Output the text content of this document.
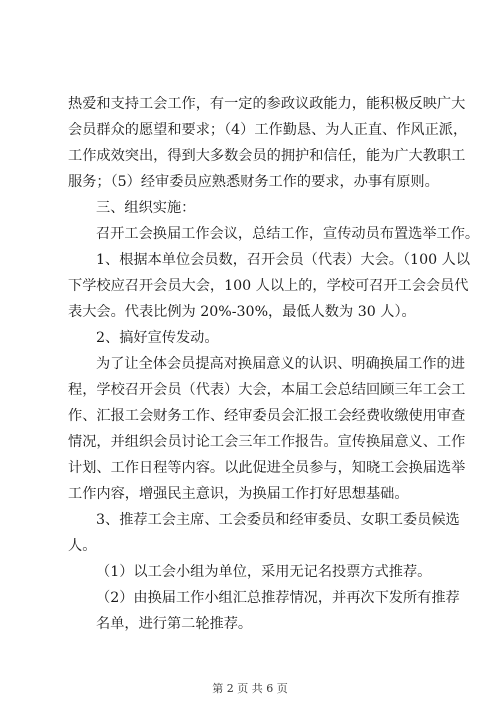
热爱和支持工会工作，有一定的参政议政能力，能积极反映广大
会员群众的愿望和要求；（4）工作勤恳、为人正直、作风正派，
工作成效突出，得到大多数会员的拥护和信任，能为广大教职工
服务；（5）经审委员应熟悉财务工作的要求，办事有原则。
三、组织实施：
召开工会换届工作会议，总结工作，宣传动员布置选举工作。
1、根据本单位会员数，召开会员（代表）大会。（100 人以
下学校应召开会员大会，100 人以上的，学校可召开工会会员代
表大会。代表比例为 20%-30%，最低人数为 30 人）。
2、搞好宣传发动。
为了让全体会员提高对换届意义的认识、明确换届工作的进
程，学校召开会员（代表）大会，本届工会总结回顾三年工会工
作、汇报工会财务工作、经审委员会汇报工会经费收缴使用审查
情况，并组织会员讨论工会三年工作报告。宣传换届意义、工作
计划、工作日程等内容。以此促进全员参与，知晓工会换届选举
工作内容，增强民主意识，为换届工作打好思想基础。
3、推荐工会主席、工会委员和经审委员、女职工委员候选
人。
（1）以工会小组为单位，采用无记名投票方式推荐。
（2）由换届工作小组汇总推荐情况，并再次下发所有推荐
名单，进行第二轮推荐。
第 2 页 共 6 页
